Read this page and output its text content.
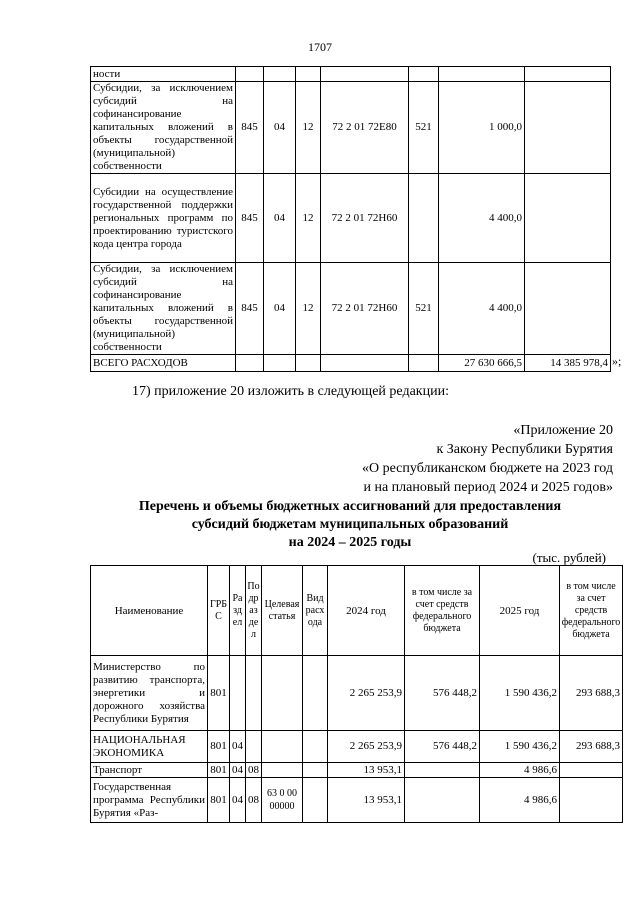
1707
ности							
Субсидии, за исключением субсидий на софинансирование капитальных вложений в объекты государственной (муниципальной) собственности	845	04	12	72 2 01 72Е80	521	1 000,0	
Субсидии на осуществление государственной поддержки региональных программ по проектированию туристского кода центра города	845	04	12	72 2 01 72Н60		4 400,0	
Субсидии, за исключением субсидий на софинансирование капитальных вложений в объекты государственной (муниципальной) собственности	845	04	12	72 2 01 72Н60	521	4 400,0	
ВСЕГО РАСХОДОВ						27 630 666,5	14 385 978,4 »;
17) приложение 20 изложить в следующей редакции:
«Приложение 20
к Закону Республики Бурятия
«О республиканском бюджете на 2023 год
и на плановый период 2024 и 2025 годов»
Перечень и объемы бюджетных ассигнований для предоставления
субсидий бюджетам муниципальных образований
на 2024 – 2025 годы
(тыс. рублей)
Наименование	ГРБС	Раздел	Подраздел	Целевая статья	Вид расхода	2024 год	в том числе за счет средств федерального бюджета	2025 год	в том числе за счет средств федерального бюджета
Министерство по развитию транспорта, энергетики и дорожного хозяйства Республики Бурятия	801					2 265 253,9	576 448,2	1 590 436,2	293 688,3
НАЦИОНАЛЬНАЯ ЭКОНОМИКА	801	04				2 265 253,9	576 448,2	1 590 436,2	293 688,3
Транспорт	801	04	08			13 953,1		4 986,6	
Государственная программа Республики Бурятия «Раз-	801	04	08	63 0 00 00000		13 953,1		4 986,6	
